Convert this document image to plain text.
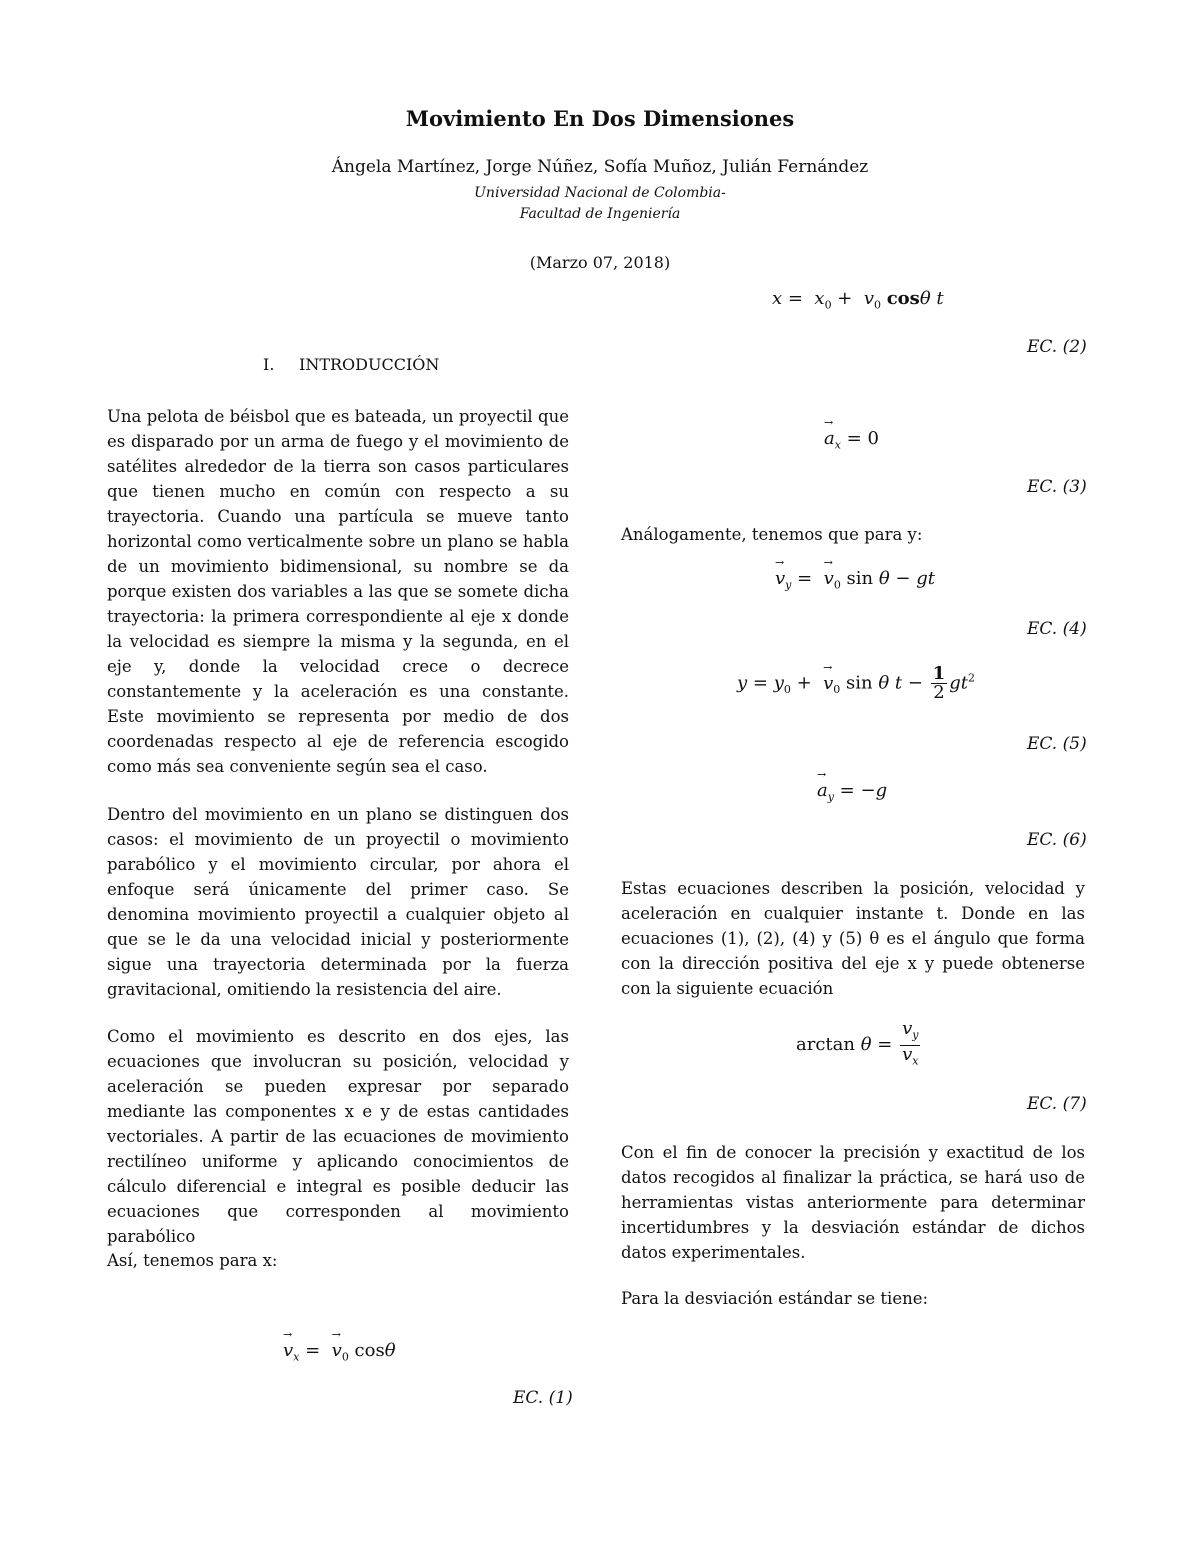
Movimiento En Dos Dimensiones
Ángela Martínez, Jorge Núñez, Sofía Muñoz, Julián Fernández
Universidad Nacional de Colombia-
Facultad de Ingeniería
(Marzo 07, 2018)
I. INTRODUCCIÓN
Una pelota de béisbol que es bateada, un proyectil que es disparado por un arma de fuego y el movimiento de satélites alrededor de la tierra son casos particulares que tienen mucho en común con respecto a su trayectoria. Cuando una partícula se mueve tanto horizontal como verticalmente sobre un plano se habla de un movimiento bidimensional, su nombre se da porque existen dos variables a las que se somete dicha trayectoria: la primera correspondiente al eje x donde la velocidad es siempre la misma y la segunda, en el eje y, donde la velocidad crece o decrece constantemente y la aceleración es una constante. Este movimiento se representa por medio de dos coordenadas respecto al eje de referencia escogido como más sea conveniente según sea el caso.
Dentro del movimiento en un plano se distinguen dos casos: el movimiento de un proyectil o movimiento parabólico y el movimiento circular, por ahora el enfoque será únicamente del primer caso. Se denomina movimiento proyectil a cualquier objeto al que se le da una velocidad inicial y posteriormente sigue una trayectoria determinada por la fuerza gravitacional, omitiendo la resistencia del aire.
Como el movimiento es descrito en dos ejes, las ecuaciones que involucran su posición, velocidad y aceleración se pueden expresar por separado mediante las componentes x e y de estas cantidades vectoriales. A partir de las ecuaciones de movimiento rectilíneo uniforme y aplicando conocimientos de cálculo diferencial e integral es posible deducir las ecuaciones que corresponden al movimiento parabólico
Así, tenemos para x:
→ $v_x$ =  → $v_0$ cosθ
EC. (1)
$x = x_0 + v_0$ cosθ t
EC. (2)
→ $a_x = 0$
EC. (3)
Análogamente, tenemos que para y:
→ $v_y$ =  → $v_0$ sin θ − gt
EC. (4)
$y = y_0$ +  → $v_0$ sin θ $t - \frac{1}{2} gt^2$
EC. (5)
→ $a_y = -g$
EC. (6)
Estas ecuaciones describen la posición, velocidad y aceleración en cualquier instante t. Donde en las ecuaciones (1), (2), (4) y (5) θ es el ángulo que forma con la dirección positiva del eje x y puede obtenerse con la siguiente ecuación
$\arctan \theta = \frac{v_y}{v_x}$
EC. (7)
Con el fin de conocer la precisión y exactitud de los datos recogidos al finalizar la práctica, se hará uso de herramientas vistas anteriormente para determinar incertidumbres y la desviación estándar de dichos datos experimentales.
Para la desviación estándar se tiene:
